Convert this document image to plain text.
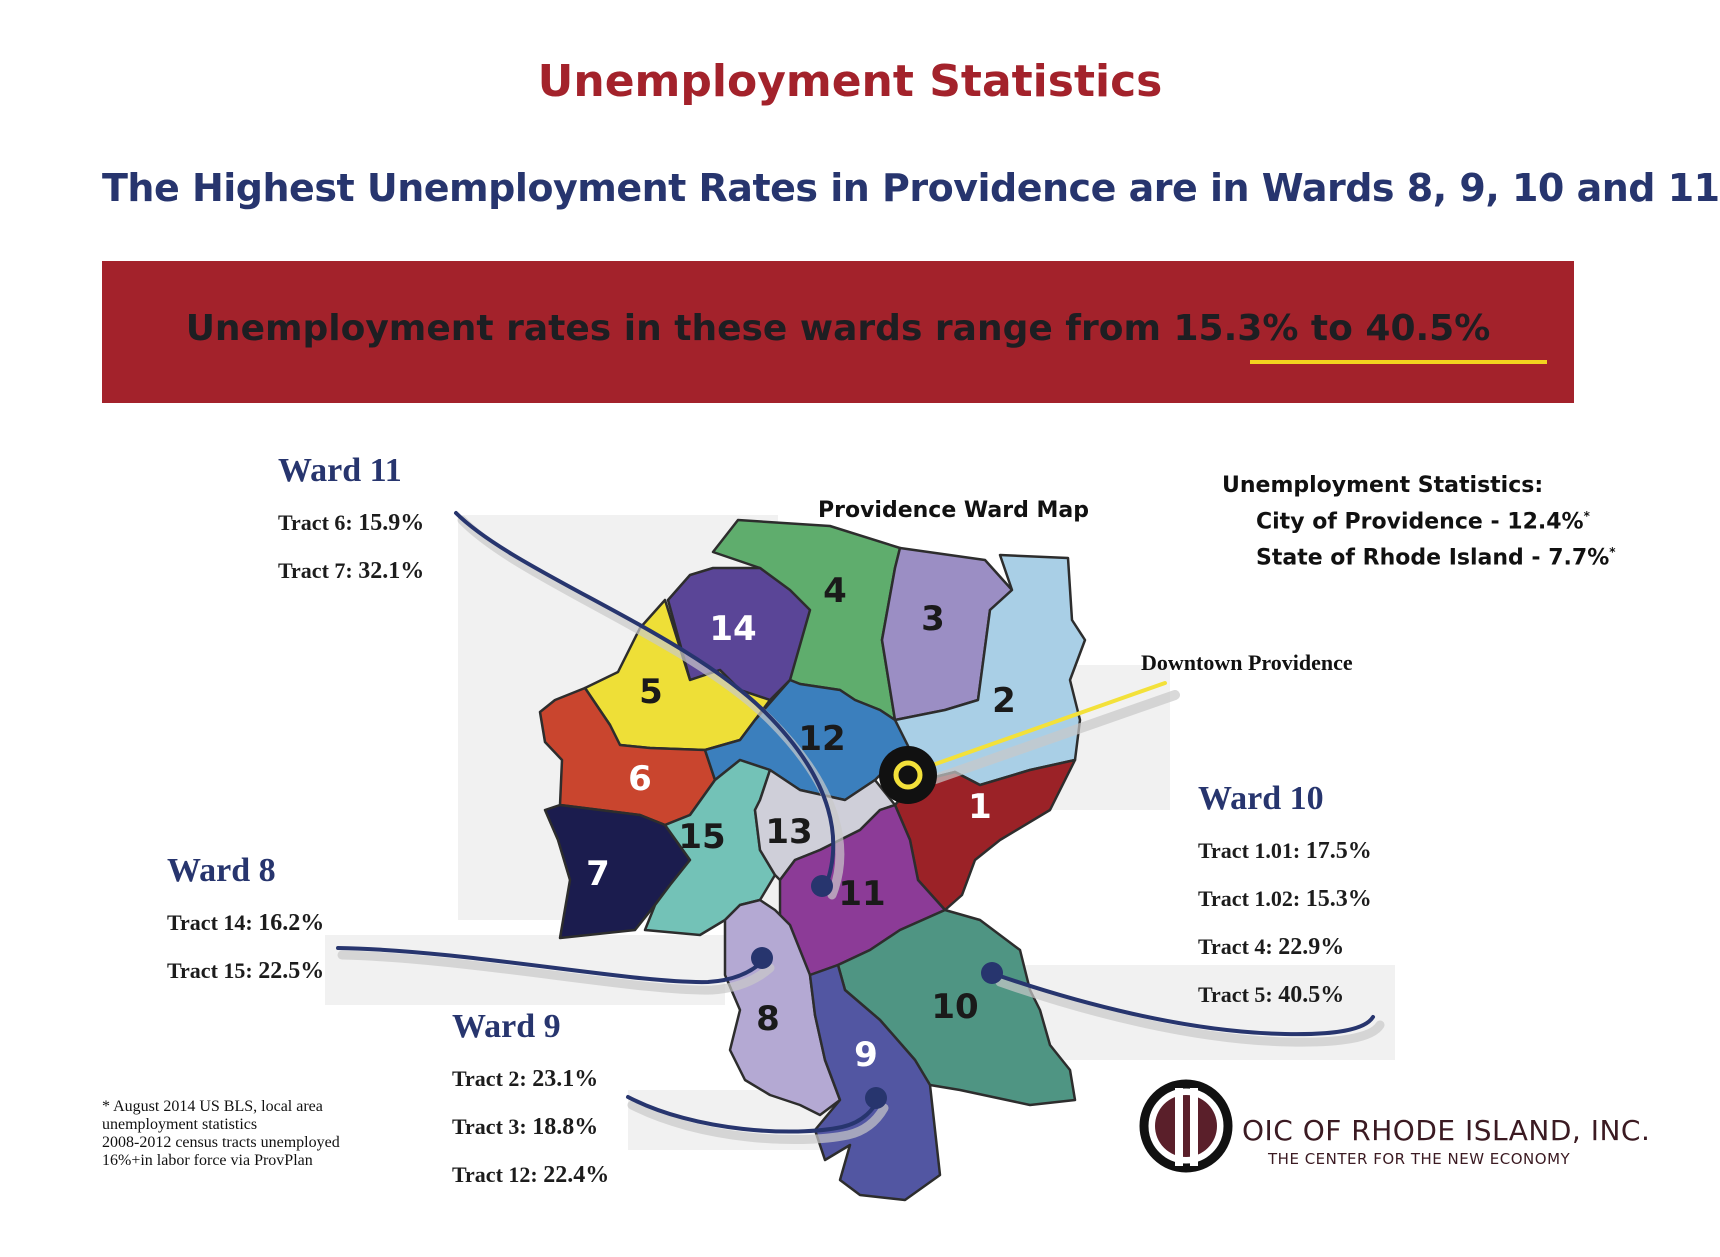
Unemployment Statistics
The Highest Unemployment Rates in Providence are in Wards 8, 9, 10 and 11
Unemployment rates in these wards range from 15.3% to 40.5%
4
3
14
2
5
12
6
1
15 13
7	11
10
8
9
Providence Ward Map
Unemployment Statistics:
City of Providence - 12.4%*
State of Rhode Island - 7.7%*
Downtown Providence
Ward 11
Tract 6: 15.9%
Tract 7: 32.1%
Ward 8
Tract 14: 16.2%
Tract 15: 22.5%
Ward 9
Tract 2: 23.1%
Tract 3: 18.8%
Tract 12: 22.4%
Ward 10
Tract 1.01: 17.5%
Tract 1.02: 15.3%
Tract 4: 22.9%
Tract 5: 40.5%
* August 2014 US BLS, local area
unemployment statistics
2008-2012 census tracts unemployed
16%+in labor force via ProvPlan
OIC OF RHODE ISLAND, INC.
THE CENTER FOR THE NEW ECONOMY
